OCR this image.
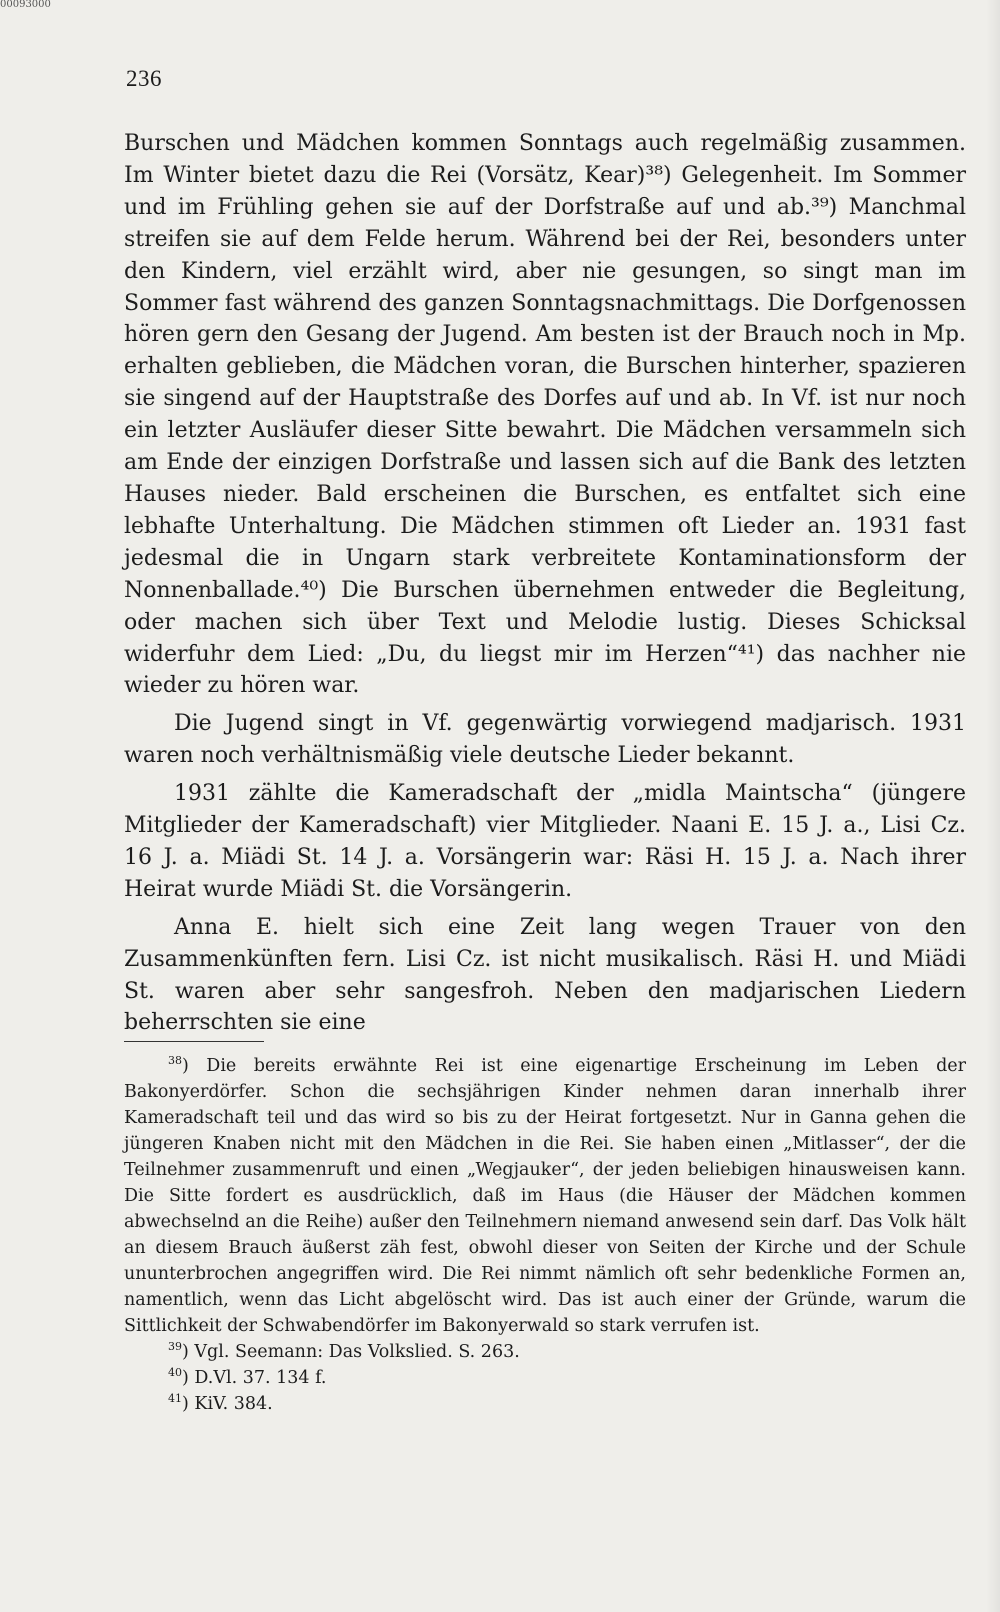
00093000
236

Burschen und Mädchen kommen Sonntags auch regelmäßig zusammen. Im Winter bietet dazu die Rei (Vorsätz, Kear)³⁸) Gelegenheit. Im Sommer und im Frühling gehen sie auf der Dorfstraße auf und ab.³⁹) Manchmal streifen sie auf dem Felde herum. Während bei der Rei, besonders unter den Kindern, viel erzählt wird, aber nie gesungen, so singt man im Sommer fast während des ganzen Sonntagsnachmittags. Die Dorfgenossen hören gern den Gesang der Jugend. Am besten ist der Brauch noch in Mp. erhalten geblieben, die Mädchen voran, die Burschen hinterher, spazieren sie singend auf der Hauptstraße des Dorfes auf und ab. In Vf. ist nur noch ein letzter Ausläufer dieser Sitte bewahrt. Die Mädchen versammeln sich am Ende der einzigen Dorfstraße und lassen sich auf die Bank des letzten Hauses nieder. Bald erscheinen die Burschen, es entfaltet sich eine lebhafte Unterhaltung. Die Mädchen stimmen oft Lieder an. 1931 fast jedesmal die in Ungarn stark verbreitete Kontaminationsform der Nonnenballade.⁴⁰) Die Burschen übernehmen entweder die Begleitung, oder machen sich über Text und Melodie lustig. Dieses Schicksal widerfuhr dem Lied: „Du, du liegst mir im Herzen“⁴¹) das nachher nie wieder zu hören war.

Die Jugend singt in Vf. gegenwärtig vorwiegend madjarisch. 1931 waren noch verhältnismäßig viele deutsche Lieder bekannt.

1931 zählte die Kameradschaft der „midla Maintscha“ (jüngere Mitglieder der Kameradschaft) vier Mitglieder. Naani E. 15 J. a., Lisi Cz. 16 J. a. Miädi St. 14 J. a. Vorsängerin war: Räsi H. 15 J. a. Nach ihrer Heirat wurde Miädi St. die Vorsängerin.

Anna E. hielt sich eine Zeit lang wegen Trauer von den Zusammenkünften fern. Lisi Cz. ist nicht musikalisch. Räsi H. und Miädi St. waren aber sehr sangesfroh. Neben den madjarischen Liedern beherrschten sie eine

$^{38}$) Die bereits erwähnte Rei ist eine eigenartige Erscheinung im Leben der Bakonyerdörfer. Schon die sechsjährigen Kinder nehmen daran innerhalb ihrer Kameradschaft teil und das wird so bis zu der Heirat fortgesetzt. Nur in Ganna gehen die jüngeren Knaben nicht mit den Mädchen in die Rei. Sie haben einen „Mitlasser“, der die Teilnehmer zusammenruft und einen „Wegjauker“, der jeden beliebigen hinausweisen kann. Die Sitte fordert es ausdrücklich, daß im Haus (die Häuser der Mädchen kommen abwechselnd an die Reihe) außer den Teilnehmern niemand anwesend sein darf. Das Volk hält an diesem Brauch äußerst zäh fest, obwohl dieser von Seiten der Kirche und der Schule ununterbrochen angegriffen wird. Die Rei nimmt nämlich oft sehr bedenkliche Formen an, namentlich, wenn das Licht abgelöscht wird. Das ist auch einer der Gründe, warum die Sittlichkeit der Schwabendörfer im Bakonyerwald so stark verrufen ist.

$^{39}$) Vgl. Seemann: Das Volkslied. S. 263.

$^{40}$) D.Vl. 37. 134 f.

$^{41}$) KiV. 384.
